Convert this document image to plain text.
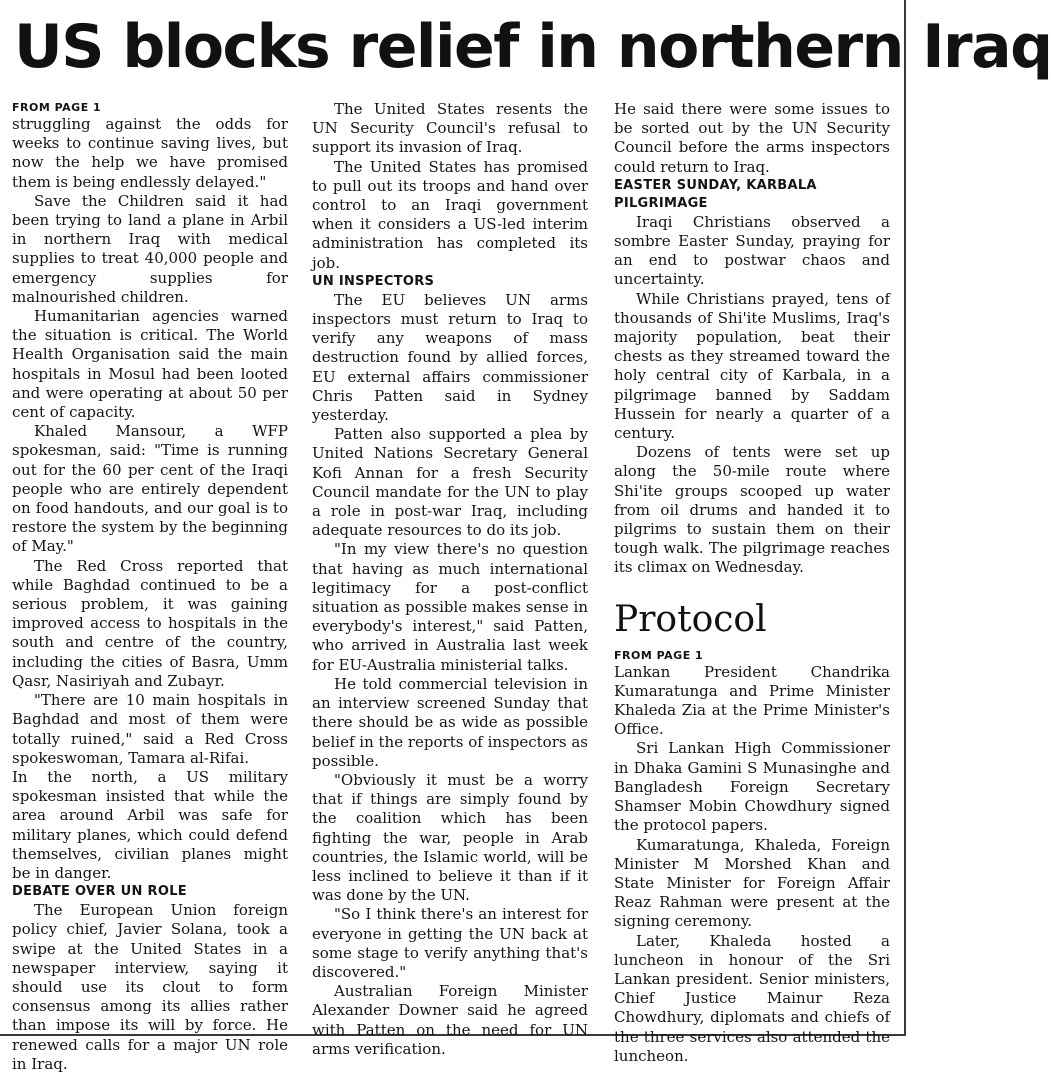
US blocks relief in northern Iraq
FROM PAGE 1

struggling against the odds for weeks to continue saving lives, but now the help we have promised them is being endlessly delayed."

Save the Children said it had been trying to land a plane in Arbil in northern Iraq with medical supplies to treat 40,000 people and emergency supplies for malnourished children.

Humanitarian agencies warned the situation is critical. The World Health Organisation said the main hospitals in Mosul had been looted and were operating at about 50 per cent of capacity.

Khaled Mansour, a WFP spokesman, said: "Time is running out for the 60 per cent of the Iraqi people who are entirely dependent on food handouts, and our goal is to restore the system by the beginning of May."

The Red Cross reported that while Baghdad continued to be a serious problem, it was gaining improved access to hospitals in the south and centre of the country, including the cities of Basra, Umm Qasr, Nasiriyah and Zubayr.

"There are 10 main hospitals in Baghdad and most of them were totally ruined," said a Red Cross spokeswoman, Tamara al-Rifai.

In the north, a US military spokesman insisted that while the area around Arbil was safe for military planes, which could defend themselves, civilian planes might be in danger.

DEBATE OVER UN ROLE

The European Union foreign policy chief, Javier Solana, took a swipe at the United States in a newspaper interview, saying it should use its clout to form consensus among its allies rather than impose its will by force. He renewed calls for a major UN role in Iraq.

The United States resents the UN Security Council's refusal to support its invasion of Iraq.

The United States has promised to pull out its troops and hand over control to an Iraqi government when it considers a US-led interim administration has completed its job.

UN INSPECTORS

The EU believes UN arms inspectors must return to Iraq to verify any weapons of mass destruction found by allied forces, EU external affairs commissioner Chris Patten said in Sydney yesterday.

Patten also supported a plea by United Nations Secretary General Kofi Annan for a fresh Security Council mandate for the UN to play a role in post-war Iraq, including adequate resources to do its job.

"In my view there's no question that having as much international legitimacy for a post-conflict situation as possible makes sense in everybody's interest," said Patten, who arrived in Australia last week for EU-Australia ministerial talks.

He told commercial television in an interview screened Sunday that there should be as wide as possible belief in the reports of inspectors as possible.

"Obviously it must be a worry that if things are simply found by the coalition which has been fighting the war, people in Arab countries, the Islamic world, will be less inclined to believe it than if it was done by the UN.

"So I think there's an interest for everyone in getting the UN back at some stage to verify anything that's discovered."

Australian Foreign Minister Alexander Downer said he agreed with Patten on the need for UN arms verification.

He said there were some issues to be sorted out by the UN Security Council before the arms inspectors could return to Iraq.

EASTER SUNDAY, KARBALA PILGRIMAGE

Iraqi Christians observed a sombre Easter Sunday, praying for an end to postwar chaos and uncertainty.

While Christians prayed, tens of thousands of Shi'ite Muslims, Iraq's majority population, beat their chests as they streamed toward the holy central city of Karbala, in a pilgrimage banned by Saddam Hussein for nearly a quarter of a century.

Dozens of tents were set up along the 50-mile route where Shi'ite groups scooped up water from oil drums and handed it to pilgrims to sustain them on their tough walk. The pilgrimage reaches its climax on Wednesday.

Protocol
FROM PAGE 1

Lankan President Chandrika Kumaratunga and Prime Minister Khaleda Zia at the Prime Minister's Office.

Sri Lankan High Commissioner in Dhaka Gamini S Munasinghe and Bangladesh Foreign Secretary Shamser Mobin Chowdhury signed the protocol papers.

Kumaratunga, Khaleda, Foreign Minister M Morshed Khan and State Minister for Foreign Affair Reaz Rahman were present at the signing ceremony.

Later, Khaleda hosted a luncheon in honour of the Sri Lankan president. Senior ministers, Chief Justice Mainur Reza Chowdhury, diplomats and chiefs of the three services also attended the luncheon.
